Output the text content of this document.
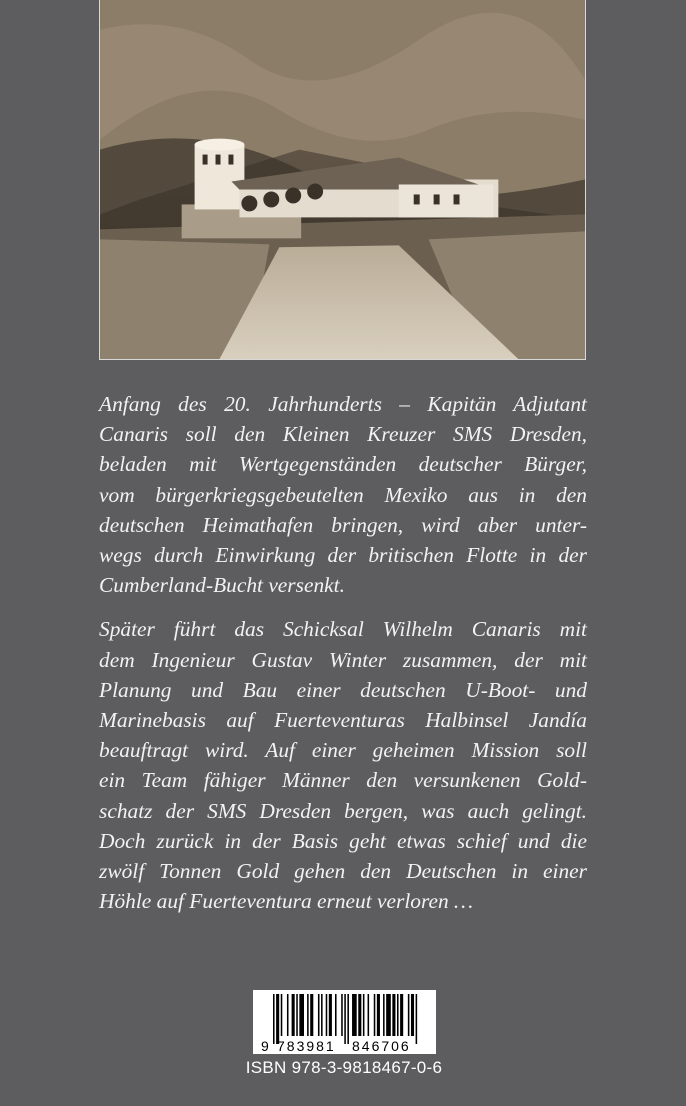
Anfang des 20. Jahrhunderts – Kapitän Adjutant
Canaris soll den Kleinen Kreuzer SMS Dresden,
beladen mit Wertgegenständen deutscher Bürger,
vom bürgerkriegsgebeutelten Mexiko aus in den
deutschen Heimathafen bringen, wird aber unter-
wegs durch Einwirkung der britischen Flotte in der
Cumberland-Bucht versenkt.

Später führt das Schicksal Wilhelm Canaris mit
dem Ingenieur Gustav Winter zusammen, der mit
Planung und Bau einer deutschen U-Boot- und
Marinebasis auf Fuerteventuras Halbinsel Jandía
beauftragt wird. Auf einer geheimen Mission soll
ein Team fähiger Männer den versunkenen Gold-
schatz der SMS Dresden bergen, was auch gelingt.
Doch zurück in der Basis geht etwas schief und die
zwölf Tonnen Gold gehen den Deutschen in einer
Höhle auf Fuerteventura erneut verloren …

9 783981 846706
ISBN 978-3-9818467-0-6
